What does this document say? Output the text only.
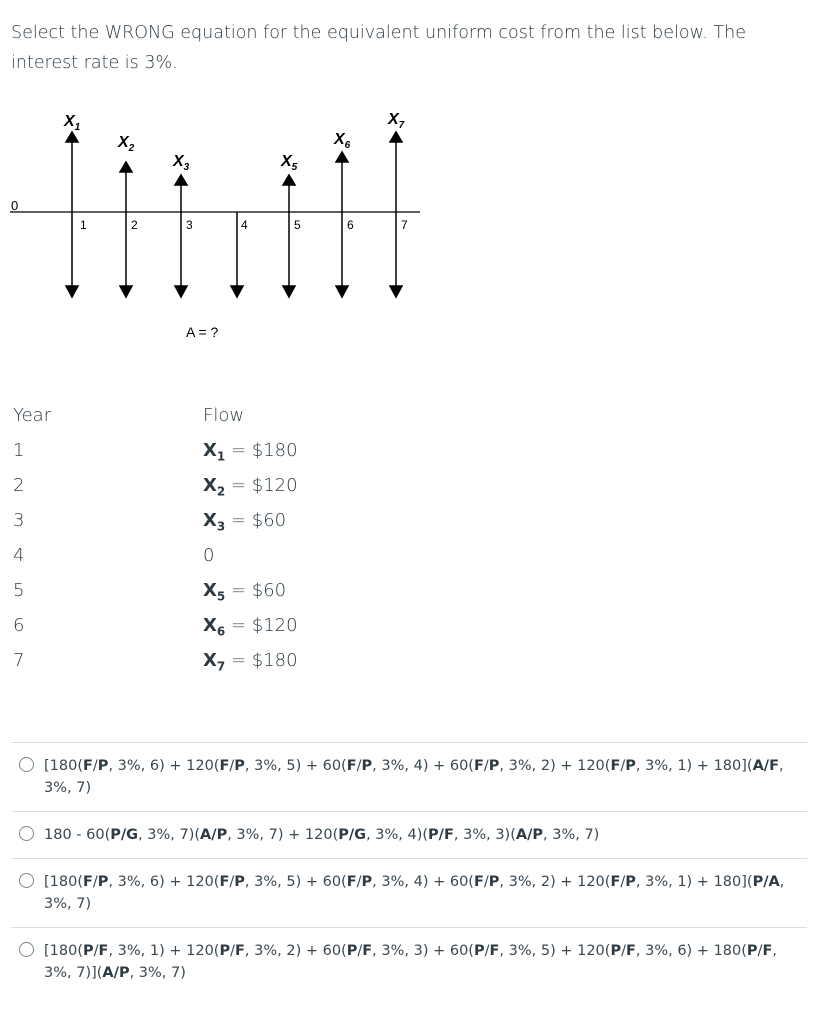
Select the WRONG equation for the equivalent uniform cost from the list below. The interest rate is 3%.
0
1	2	3	4	5	6	7
$X_1$
$X_2$
$X_3$	$X_5$
$X_6$
$X_7$
A = ?
Year	Flow
1	$X_1$ = $180
2	$X_2$ = $120
3	$X_3$ = $60
4	0
5	$X_5$ = $60
6	$X_6$ = $120
7	$X_7$ = $180
[180(F/P, 3%, 6) + 120(F/P, 3%, 5) + 60(F/P, 3%, 4) + 60(F/P, 3%, 2) + 120(F/P, 3%, 1) + 180](A/F, 3%, 7)
180 - 60(P/G, 3%, 7)(A/P, 3%, 7) + 120(P/G, 3%, 4)(P/F, 3%, 3)(A/P, 3%, 7)
[180(F/P, 3%, 6) + 120(F/P, 3%, 5) + 60(F/P, 3%, 4) + 60(F/P, 3%, 2) + 120(F/P, 3%, 1) + 180](P/A, 3%, 7)
[180(P/F, 3%, 1) + 120(P/F, 3%, 2) + 60(P/F, 3%, 3) + 60(P/F, 3%, 5) + 120(P/F, 3%, 6) + 180(P/F, 3%, 7)](A/P, 3%, 7)
